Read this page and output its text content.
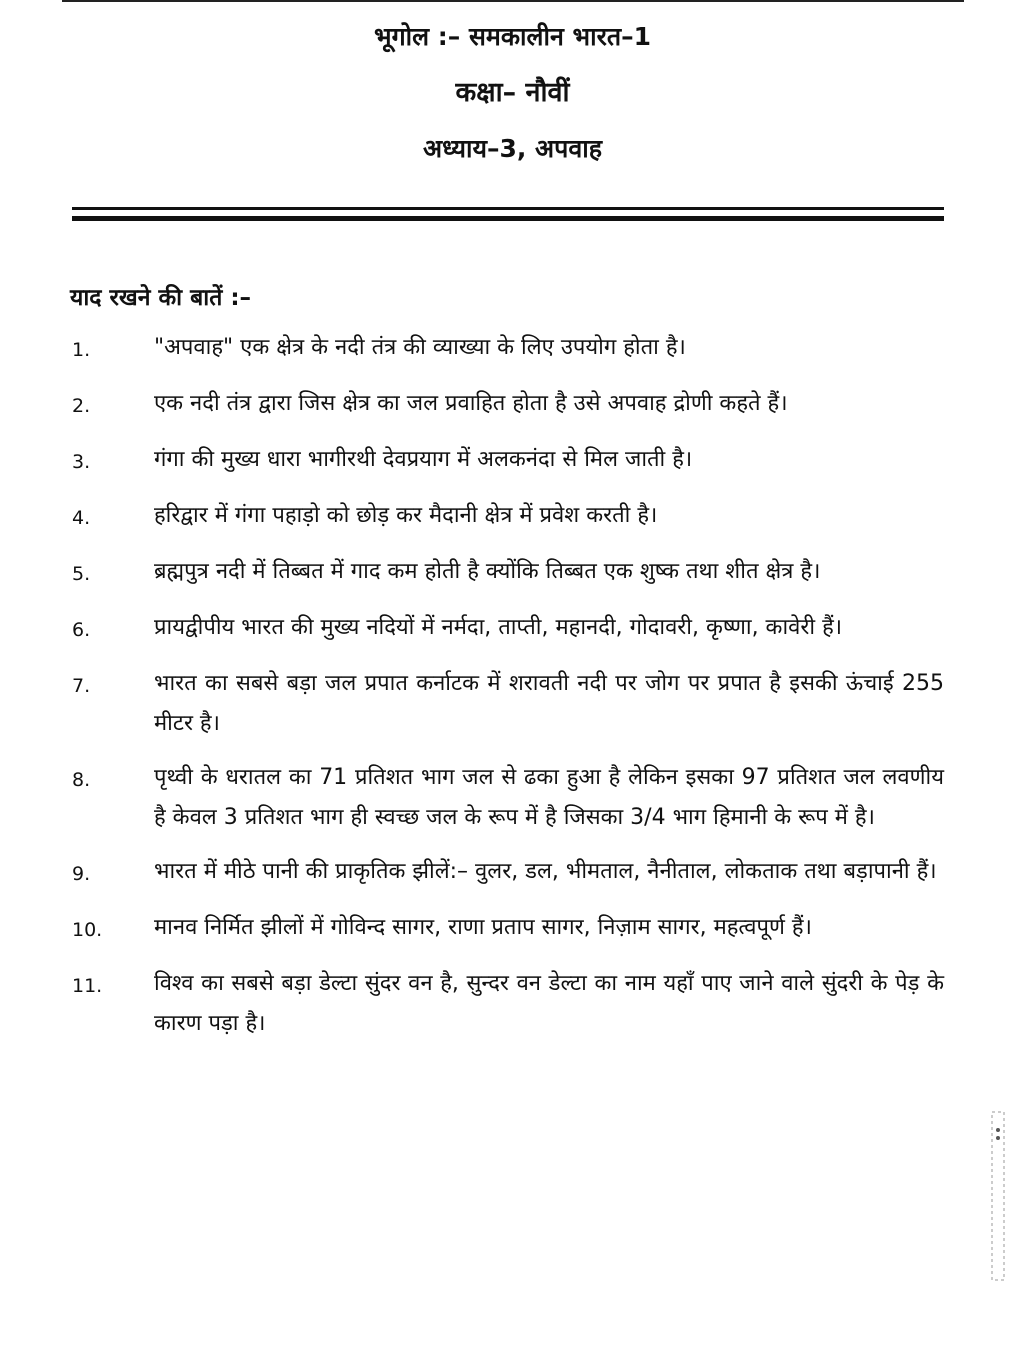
भूगोल :– समकालीन भारत–1
कक्षा– नौवीं
अध्याय–3, अपवाह
याद रखने की बातें :–
1.	"अपवाह" एक क्षेत्र के नदी तंत्र की व्याख्या के लिए उपयोग होता है।
2.	एक नदी तंत्र द्वारा जिस क्षेत्र का जल प्रवाहित होता है उसे अपवाह द्रोणी कहते हैं।
3.	गंगा की मुख्य धारा भागीरथी देवप्रयाग में अलकनंदा से मिल जाती है।
4.	हरिद्वार में गंगा पहाड़ो को छोड़ कर मैदानी क्षेत्र में प्रवेश करती है।
5.	ब्रह्मपुत्र नदी में तिब्बत में गाद कम होती है क्योंकि तिब्बत एक शुष्क तथा शीत क्षेत्र है।
6.	प्रायद्वीपीय भारत की मुख्य नदियों में नर्मदा, ताप्ती, महानदी, गोदावरी, कृष्णा, कावेरी हैं।
7.	भारत का सबसे बड़ा जल प्रपात कर्नाटक में शरावती नदी पर जोग पर प्रपात है इसकी ऊंचाई 255 मीटर है।
8.	पृथ्वी के धरातल का 71 प्रतिशत भाग जल से ढका हुआ है लेकिन इसका 97 प्रतिशत जल लवणीय है केवल 3 प्रतिशत भाग ही स्वच्छ जल के रूप में है जिसका 3/4 भाग हिमानी के रूप में है।
9.	भारत में मीठे पानी की प्राकृतिक झीलें:– वुलर, डल, भीमताल, नैनीताल, लोकताक तथा बड़ापानी हैं।
10.	मानव निर्मित झीलों में गोविन्द सागर, राणा प्रताप सागर, निज़ाम सागर, महत्वपूर्ण हैं।
11.	विश्व का सबसे बड़ा डेल्टा सुंदर वन है, सुन्दर वन डेल्टा का नाम यहाँ पाए जाने वाले सुंदरी के पेड़ के कारण पड़ा है।
